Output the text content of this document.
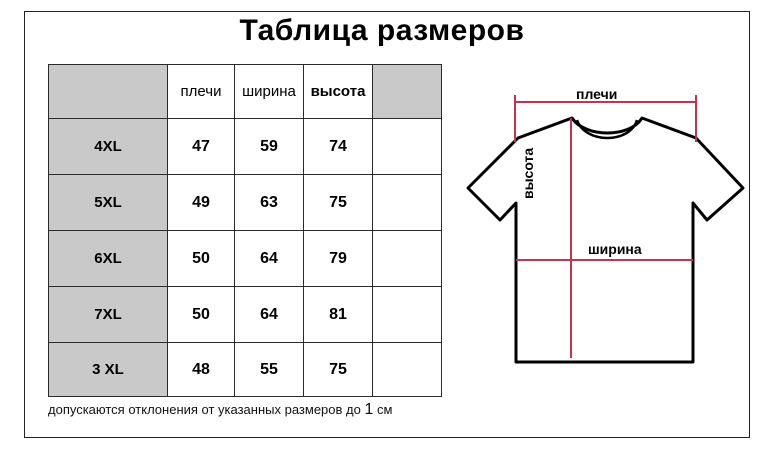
Таблица размеров
	плечи	ширина	высота	
4XL	47	59	74	
5XL	49	63	75	
6XL	50	64	79	
7XL	50	64	81	
3 XL	48	55	75	
допускаются отклонения от указанных размеров до 1 см
плечи
высота
ширина
